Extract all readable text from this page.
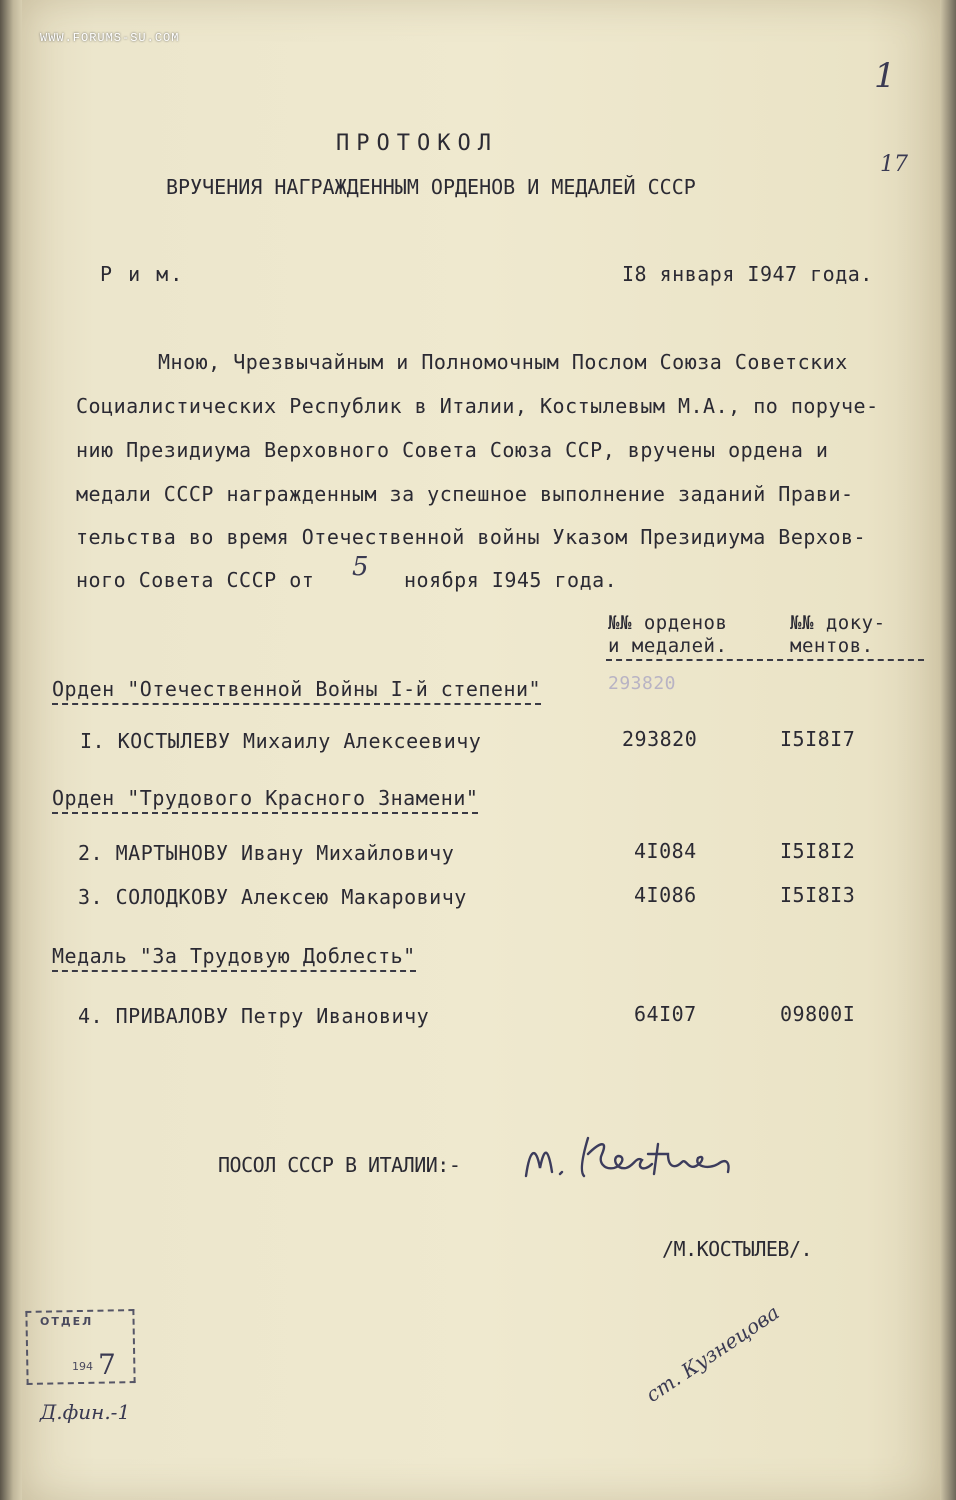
WWW.FORUMS-SU.COM
1
17
ПРОТОКОЛ
ВРУЧЕНИЯ НАГРАЖДЕННЫМ ОРДЕНОВ И МЕДАЛЕЙ СССР
Р и м.	I8 января I947 года.
Мною, Чрезвычайным и Полномочным Послом Союза Советских
Социалистических Республик в Италии, Костылевым М.А., по поруче-
нию Президиума Верховного Совета Союза ССР, вручены ордена и
медали СССР награжденным за успешное выполнение заданий Прави-
тельства во время Отечественной войны Указом Президиума Верхов-
ного Совета СССР от 5 ноября I945 года.
№№ орденов
и медалей.
№№ доку-
ментов.
Орден "Отечественной Войны I-й степени"	293820
I. КОСТЫЛЕВУ Михаилу Алексеевичу	293820	I5I8I7
Орден "Трудового Красного Знамени"
2. МАРТЫНОВУ Ивану Михайловичу	4I084	I5I8I2
3. СОЛОДКОВУ Алексею Макаровичу	4I086	I5I8I3
Медаль "За Трудовую Доблесть"
4. ПРИВАЛОВУ Петру Ивановичу	64I07	09800I
ПОСОЛ СССР В ИТАЛИИ:-
/М.КОСТЫЛЕВ/.
ОТДЕЛ
194 7
Д.фин.-1
ст. Кузнецова
